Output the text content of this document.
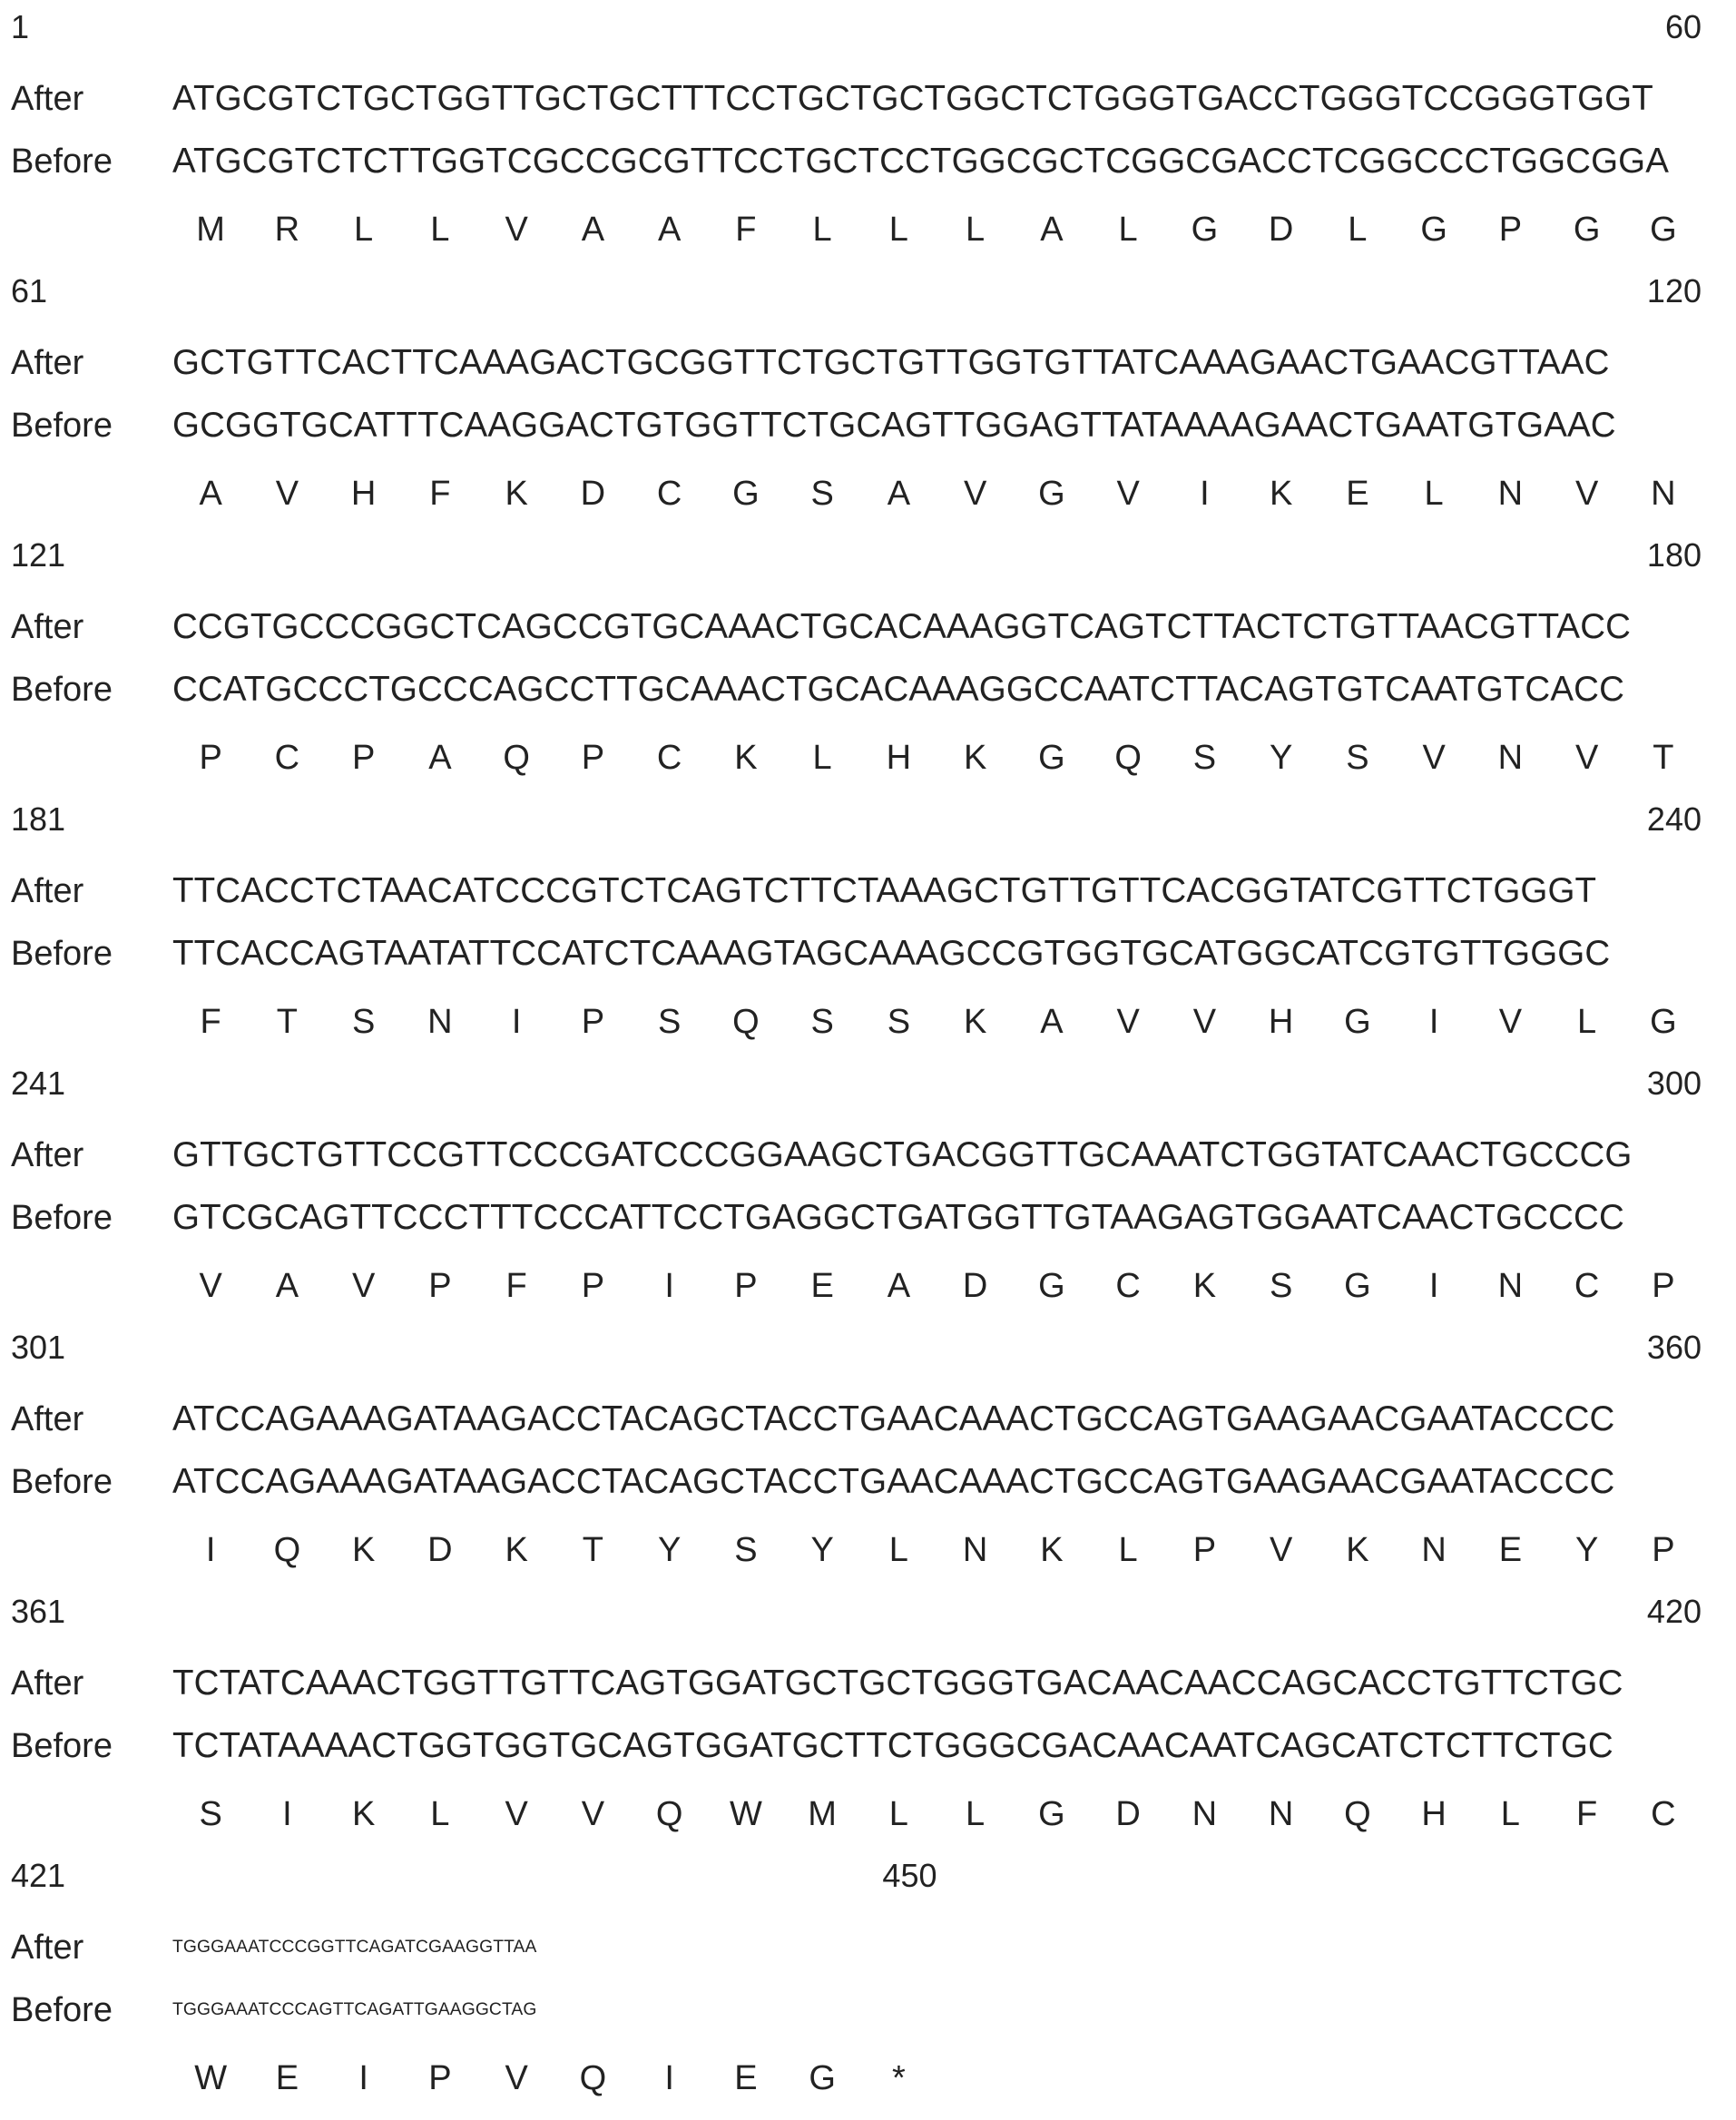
1	60
After	ATGCGTCTGCTGGTTGCTGCTTTCCTGCTGCTGGCTCTGGGTGACCTGGGTCCGGGTGGT
Before ATGCGTCTCTTGGTCGCCGCGTTCCTGCTCCTGGCGCTCGGCGACCTCGGCCCTGGCGGA
M	R	L	L	V	A	A	F	L	L	L	A	L	G	D	L	G	P	G	G
61	120
After	GCTGTTCACTTCAAAGACTGCGGTTCTGCTGTTGGTGTTATCAAAGAACTGAACGTTAAC
Before GCGGTGCATTTCAAGGACTGTGGTTCTGCAGTTGGAGTTATAAAAGAACTGAATGTGAAC
A	V	H	F	K	D	C	G	S	A	V	G	V	I	K	E	L	N	V	N
121	180
After	CCGTGCCCGGCTCAGCCGTGCAAACTGCACAAAGGTCAGTCTTACTCTGTTAACGTTACC
Before CCATGCCCTGCCCAGCCTTGCAAACTGCACAAAGGCCAATCTTACAGTGTCAATGTCACC
P	C	P	A	Q	P	C	K	L	H	K	G	Q	S	Y	S	V	N	V	T
181	240
After	TTCACCTCTAACATCCCGTCTCAGTCTTCTAAAGCTGTTGTTCACGGTATCGTTCTGGGT
Before TTCACCAGTAATATTCCATCTCAAAGTAGCAAAGCCGTGGTGCATGGCATCGTGTTGGGC
F	T	S	N	I	P	S	Q	S	S	K	A	V	V	H	G	I	V	L	G
241	300
After	GTTGCTGTTCCGTTCCCGATCCCGGAAGCTGACGGTTGCAAATCTGGTATCAACTGCCCG
Before GTCGCAGTTCCCTTTCCCATTCCTGAGGCTGATGGTTGTAAGAGTGGAATCAACTGCCCC
V	A	V	P	F	P	I	P	E	A	D	G	C	K	S	G	I	N	C	P
301	360
After	ATCCAGAAAGATAAGACCTACAGCTACCTGAACAAACTGCCAGTGAAGAACGAATACCCC
Before ATCCAGAAAGATAAGACCTACAGCTACCTGAACAAACTGCCAGTGAAGAACGAATACCCC
I	Q	K	D	K	T	Y	S	Y	L	N	K	L	P	V	K	N	E	Y	P
361	420
After	TCTATCAAACTGGTTGTTCAGTGGATGCTGCTGGGTGACAACAACCAGCACCTGTTCTGC
Before TCTATAAAACTGGTGGTGCAGTGGATGCTTCTGGGCGACAACAATCAGCATCTCTTCTGC
S	I	K	L	V	V	Q	W	M	L	L	G	D	N	N	Q	H	L	F	C
421	450
After	TGGGAAATCCCGGTTCAGATCGAAGGTTAA
Before	TGGGAAATCCCAGTTCAGATTGAAGGCTAG
W	E	I	P	V	Q	I	E	G	*
